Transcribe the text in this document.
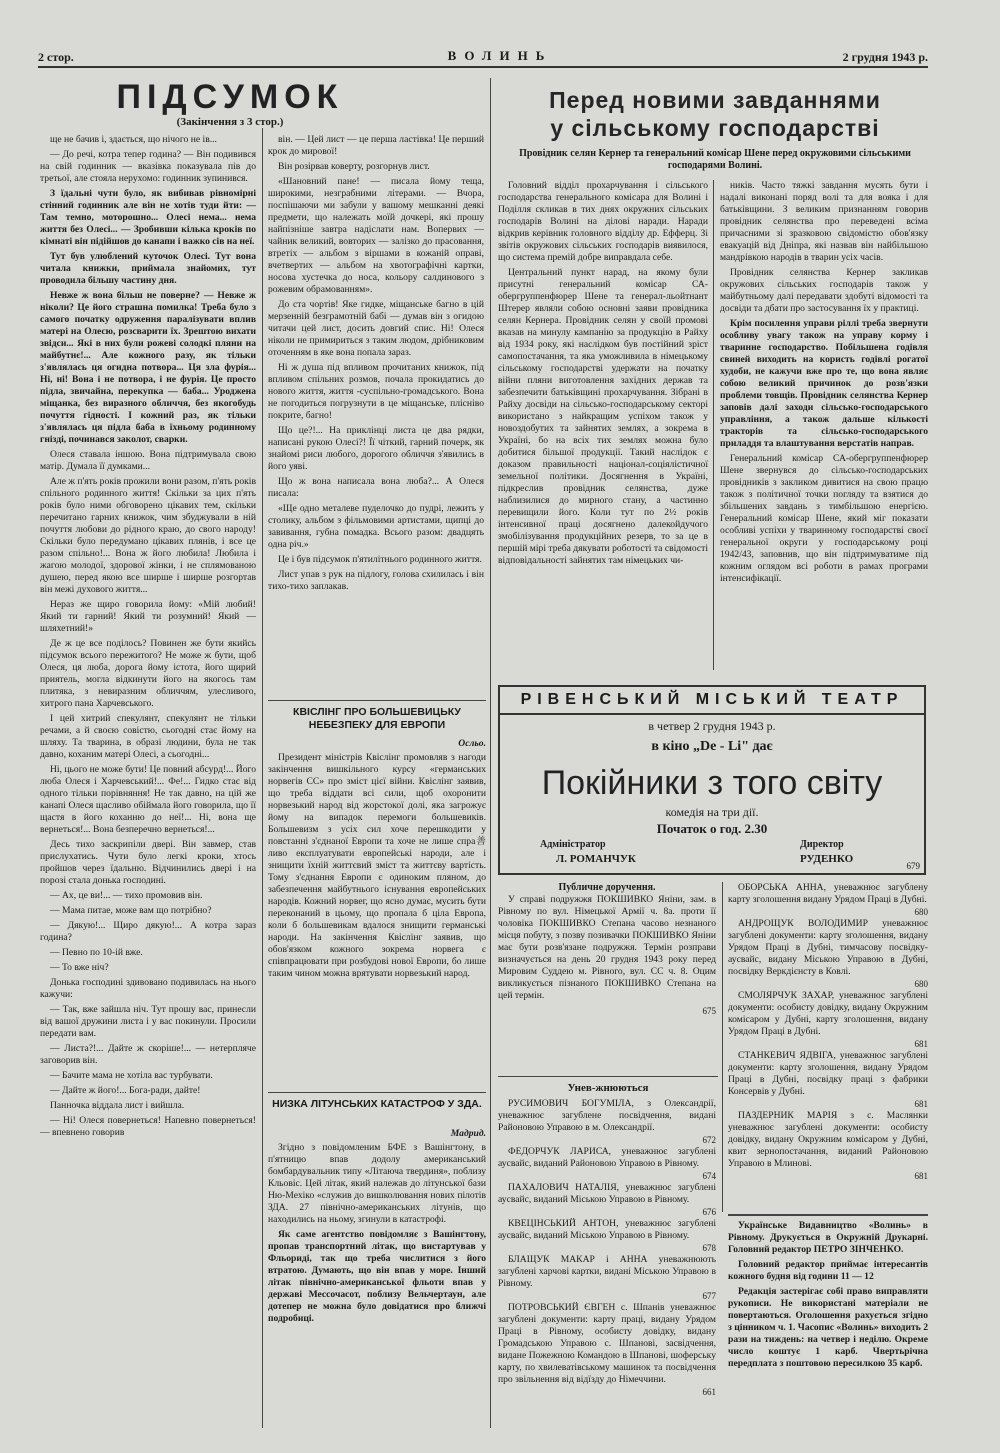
2 стор.	ВОЛИНЬ	2 грудня 1943 р.
ПІДСУМОК
(Закінчення з 3 стор.)

ще не бачив і, здається, що нічого не ів...

— До речі, котра тепер година? — Він подивився на свій годинник — вказівка показувала пів до третьої, але стояла нерухомо: годинник зупинився.

З їдальні чути було, як вибивав рівномірні стінний годинник але він не хотів туди йти: — Там темно, моторошно... Олесі нема... нема життя без Олесі... — Зробивши кілька кроків по кімнаті він підійшов до канапи і важко сів на неї.

Тут був улюблений куточок Олесі. Тут вона читала книжки, приймала знайомих, тут проводила більшу частину дня.

Невже ж вона більш не поверне? — Невже ж ніколи? Це його страшна помилка! Треба було з самого початку одруження паралізувати вплив матері на Олесю, розсварити їх. Зрештою вихати звідси... Які в них були рожеві солодкі пляни на майбутнє!... Але кожного разу, як тільки з'являлась ця огидна потвора... Ця зла фурія... Ні, ні! Вона і не потвора, і не фурія. Це просто підла, звичайна, перекупка — баба... Уроджена міщанка, без виразного обличчя, без якогобудь почуття гідності. І кожний раз, як тільки з'являлась ця підла баба в їхньому родинному гнізді, починався заколот, сварки.

Олеся ставала іншою. Вона підтримувала свою матір. Думала її думками...

Але ж п'ять років прожили вони разом, п'ять років спільного родинного життя! Скільки за цих п'ять років було ними обговорено цікавих тем, скільки перечитано гарних книжок, чим збуджували в ній почуття любови до рідного краю, до свого народу! Скільки було передумано цікавих плянів, і все це разом спільно!... Вона ж його любила! Любила і жагою молодої, здорової жінки, і не сплямованою душею, перед якою все ширше і ширше розгортав він межі духового життя...

Нераз же щиро говорила йому: «Мій любий! Який ти гарний! Який ти розумний! Який — шляхетний!»

Де ж це все поділось? Повинен же бути якийсь підсумок всього пережитого? Не може ж бути, щоб Олеся, ця люба, дорога йому істота, його щирий приятель, могла відкинути його на якогось там плитяка, з невиразним обличчям, улесливого, хитрого пана Харчевського.

І цей хитрий спекулянт, спекулянт не тільки речами, а й своєю совістю, сьогодні стає йому на шляху. Та тварина, в образі людини, була не так давно, коханим матері Олесі, а сьогодні...

Ні, цього не може бути! Це повний абсурд!... Його люба Олеся і Харчевський!... Фе!... Гидко стає від одного тільки порівняння! Не так давно, на цій же канапі Олеся щасливо обіймала його говорила, що її щастя в його коханню до неї!... Ні, вона ще вернеться!... Вона безперечно вернеться!...

Десь тихо заскрипіли двері. Він завмер, став прислухатись. Чути було легкі кроки, хтось пройшов через їдальню. Відчинились двері і на порозі стала донька господині.

— Ах, це ви!... — тихо промовив він.

— Мама питае, може вам що потрібно?

— Дякую!... Щиро дякую!... А котра зараз година?

— Певно по 10-ій вже.

— То вже ніч?

Донька господині здивовано подивилась на нього кажучи:

— Так, вже зайшла ніч. Тут прошу вас, принесли від вашої дружини листа і у вас покинули. Просили передати вам.

— Листа?!... Дайте ж скоріше!... — нетерпляче заговорив він.

— Бачите мама не хотіла вас турбувати.

— Дайте ж його!... Бога-ради, дайте!

Панночка віддала лист і вийшла.

— Ні! Олеся повернеться! Напевно повернеться! — впевнено говорив

він. — Цей лист — це перша ластівка! Це перший крок до мирової!

Він розірвав коверту, розгорнув лист.

«Шановний пане! — писала йому тещa, широкими, незграбними літерами. — Вчора, поспішаючи ми забули у вашому мешканні деякі предмети, що належать моїй дочкері, які прошу найпізніше завтра надіслати нам. Вопервих — чайник великий, вовторих — залізко до прасовання, втретіх — альбом з віршами в кожаній оправі, вчетвертих — альбом на хвотографічні картки, носова хустечка до носа, кольору салдинового з рожевим обрамованням».

До ста чортів! Яке гидке, міщанське багно в цій мерзенній безграмотній бабі — думав він з огидою читачи цей лист, досить довгий спис. Ні! Олеся ніколи не примириться з таким людом, дрібниковим оточенням в яке вона попала зараз.

Ні ж душа під впливом прочитаних книжок, під впливом спільних розмов, почала прокидатись до нового життя, життя -суспільно-громадського. Вона не погодиться погрузнути в це міщанське, плісніво покрите, багно!

Що це?!... На приклінці листа це два рядки, написані рукою Олесі?! Її чіткий, гарний почерк, як знайомі риси любого, дорогого обличчя з'явились в його уяві.

Що ж вона написала вона люба?... А Олеся писала:

«Ще одно металеве пуделочко до пудрі, лежить у столику, альбом з фільмовими артистами, щипці до завивання, губна помадка. Всього разом: двадцять одна річ.»

Це і був підсумок п'ятилітнього родинного життя.

Лист упав з рук на підлогу, голова схилилась і він тихо-тихо заплакав.

КВІСЛІНГ ПРО БОЛЬШЕВИЦЬКУ НЕБЕЗПЕКУ ДЛЯ ЕВРОПИ
Осльо.

Президент міністрів Квіслінг промовляв з нагоди закінчення вишкільного курсу «германських норвегів СС» про зміст цієї війни. Квіслінг заявив, що треба віддати всі сили, щоб охоронити норвезький народ від жорстокої долі, яка загрожує йому на випадок перемоги большевиків. Большевизм з усіх сил хоче перешкодити у повстанні з'єднаної Европи та хоче не лише спра善ливо експлуатувати европейські народи, але і знищити їхній життєвий зміст та життєву вартість. Тому з'єднання Европи є одиноким пляном, до забезпечення майбутнього існування европейських народів. Кожний норвег, що ясно думає, мусить бути переконаний в цьому, що пропала б ціла Европа, коли б большевикам вдалося знищити германські народи. На закінчення Квіслінг заявив, що обов'язком кожного зокрема норвега є співпрацювати при розбудові нової Европи, бо лише таким чином можна врятувати норвезький народ.

НИЗКА ЛІТУНСЬКИХ КАТАСТРОФ У ЗДА.
Мадрид.

Згідно з повідомленим БФЕ з Вашінгтону, в п'ятницю впав додолу американський бомбардувальник типу «Літаюча твердиня», поблизу Кльовіс. Цей літак, який належав до літунської бази Ню-Мехіко «служив до вишколювання нових пілотів ЗДА. 27 північно-американських літунів, що находились на ньому, згинули в катастрофі.

Як саме агентство повідомляє з Вашінгтону, пропав транспортний літак, що вистартував у Фльориді, так що треба числитися з його втратою. Думають, що він впав у море. Інший літак північно-американської фльоти впав у державі Мессочасот, поблизу Вельчертаун, але дотепер не можна було довідатися про ближчі подробиці.

Перед новими завданнями
у сільському господарстві
Провідник селян Кернер та генеральний комісар Шене перед окружовими сільськими господарями Волині.

Головний відділ прохарчування і сільського господарства генерального комісара для Волині і Поділля скликав в тих днях окружних сільських господарів Волині на ділові наради. Наради відкрив керівник головного відділу др. Ефферц. Зі звітів окружових сільських господарів виявилося, що система премій добре виправдала себе.

Центральний пункт нарад, на якому були присутні генеральний комісар СА-обергруппенфюрер Шене та генерал-льойтнант Штерер являли собою основні заяви провідника селян Кернера. Провідник селян у своїй промові вказав на минулу кампанію за продукцію в Райху від 1934 року, які наслідком був постійний зріст самопостачання, та яка уможливила в німецькому сільському господарстві удержати на початку війни пляни виготовлення західних держав та забезпечити батьківщині прохарчування. Зібрані в Райху досвіди на сільсько-господарському секторі використано з найкращим успіхом також у новоздобутих та зайнятих землях, а зокрема в Україні, бо на всіх тих землях можна було добитися більшої продукції. Такий наслідок є доказом правильності націонал-соціялістичної земельної політики. Досягнення в Україні, підкреслив провідник селянства, дуже наблизилися до мирного стану, а частинно перевищили його. Коли тут по 2½ років інтенсивної праці досягнено далекойдучого змобілізування продукційних резерв, то за це в першій мірі треба дякувати роботості та свідомості відповідальності зайнятих там німецьких чи-

ників. Часто тяжкі завдання мусять бути і надалі виконані поряд волі та для вояка і для батьківщини. З великим признанням говорив провідник селянства про переведені всіма причасними зі зразковою свідомістю обов'язку евакуацій від Дніпра, які назвав він найбільшою мандрівкою народів в тварин усіх часів.

Провідник селянства Кернер закликав окружових сільських господарів також у майбутньому далі передавати здобуті відомості та досвіди та дбати про застосування їх у практиці.

Крім посилення управи ріллі треба звернути особливу увагу також на управу корму і тваринне господарство. Побільшена годівля свиней виходить на користь годівлі рогатої худоби, не кажучи вже про те, що вона являє собою великий причинок до розв'язки проблеми товщів. Провідник селянства Кернер заповів далі заходи сільсько-господарського управління, а також дальше кількості тракторів та сільсько-господарського приладдя та влаштування верстатів направ.

Генеральний комісар СА-обергруппенфюрер Шене звернувся до сільсько-господарських провідників з закликом дивитися на свою працю також з політичної точки погляду та взятися до збільшених завдань з тимбільшою енергією. Генеральний комісар Шене, який міг показати особливі успіхи у тваринному господарстві своєї генеральної округи у господарському році 1942/43, заповнив, що він підтримуватиме під кожним оглядом всі роботи в рамах програми інтенсифікації.

РІВЕНСЬКИЙ МІСЬКИЙ ТЕАТР
в четвер 2 грудня 1943 р.
в кіно „De - Li" дає
Покійники з того світу
комедія на три дії.
Початок о год. 2.30
Адміністратор
Л. РОМАНЧУК
Директор
РУДЕНКО
679
Публичне доручення.

У справі подружжя ПОКШИВКО Яніни, зам. в Рівному по вул. Німецької Армії ч. 8а. проти її чоловіка ПОКШИВКО Степана часово незнаного місця побуту, з позву позивачки ПОКШИВКО Яніни має бути розв'язане подружжя. Термін розправи визначується на день 20 грудня 1943 року перед Мировим Суддею м. Рівного, вул. СС ч. 8. Оцим викликується пізнаного ПОКШИВКО Степана на цей термін.

675
Унев-жнюються

РУСИМОВИЧ БОГУМІЛА, з Олександрії, уневажнює загублене посвідчення, видані Районовою Управою в м. Олександрії.

672

ФЕДОРЧУК ЛАРИСА, уневажнює загублені аусвайс, виданий Районовою Управою в Рівному.

674

ПАХАЛОВИЧ НАТАЛІЯ, уневажнює загублені аусвайс, виданий Міською Управою в Рівному.

676

КВЕЦІНСЬКИЙ АНТОН, уневажнює загублені аусвайс, виданий Міською Управою в Рівному.

678

БЛАЩУК МАКАР і АННА уневажнюють загублені харчові картки, видані Міською Управою в Рівному.

677

ПОТРОВСЬКИЙ ЄВГЕН с. Шпанів уневажнює загублені документи: карту праці, видану Урядом Праці в Рівному, особисту довідку, видану Громадською Управою с. Шпанові, засвідчення, видане Пожежною Командою в Шпанові, шоферську карту, по хвилеватівському машинок та посвідчення про звільнення від відїзду до Німеччини.

661

ОБОРСЬКА АННА, уневажнює загублену карту зголошення видану Урядом Праці в Дубні.

680

АНДРОЩУК ВОЛОДИМИР уневажнює загублені документи: карту зголошення, видану Урядом Праці в Дубні, тимчасову посвідку-аусвайс, видану Міською Управою в Дубні, посвідку Веркдієнсту в Ковлі.

680

СМОЛЯРЧУК ЗАХАР, уневажнює загублені документи: особисту довідку, видану Окружним комісаром у Дубні, карту зголошення, видану Урядом Праці в Дубні.

681

СТАНКЕВИЧ ЯДВІГА, уневажнює загублені документи: карту зголошення, видану Урядом Праці в Дубні, посвідку праці з фабрики Консервів у Дубні.

681

ПАЗДЕРНИК МАРІЯ з с. Маслянки уневажнює загублені документи: особисту довідку, видану Окружним комісаром у Дубні, квит зернопостачання, виданий Районовою Управою в Млинові.

681

Українське Видавництво «Волинь» в Рівному. Друкується в Окружній Друкарні. Головний редактор ПЕТРО ЗІНЧЕНКО.

Головний редактор приймає інтересантів кожного будня від години 11 — 12

Редакція застерігає собі право виправляти рукописи. Не використані матеріали не повертаються. Оголошення рахується згідно з цінником ч. 1. Часопис «Волинь» виходить 2 рази на тиждень: на четвер і неділю. Окреме число коштує 1 карб. Чвертьрічна передплата з поштовою пересилкою 35 карб.
